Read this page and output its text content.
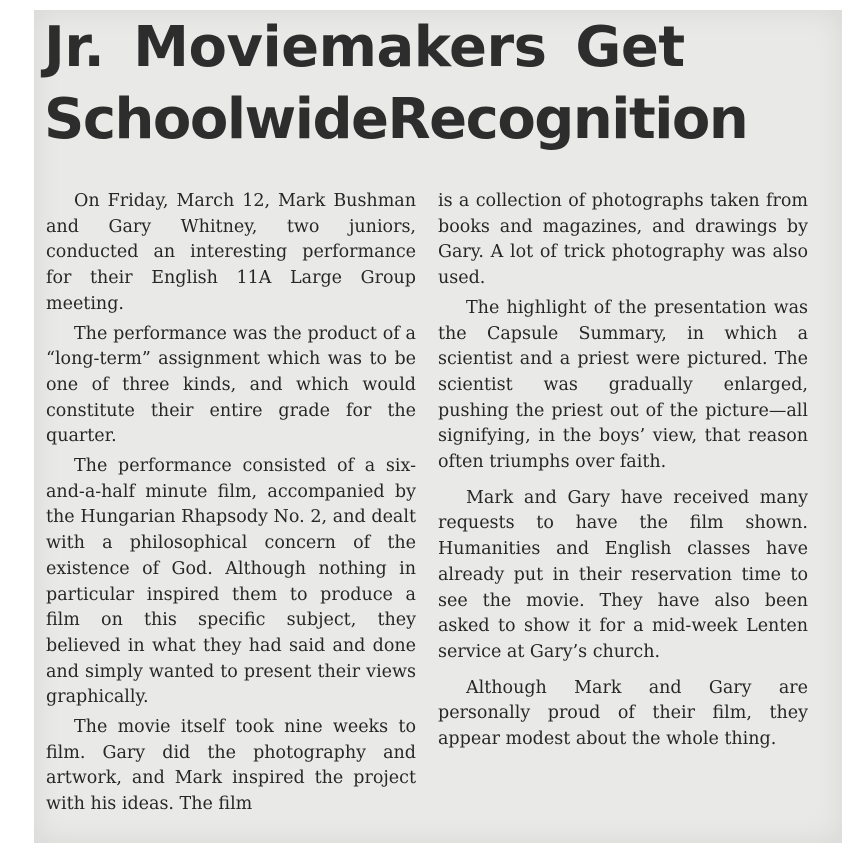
Jr. Moviemakers Get
SchoolwideRecognition

On Friday, March 12, Mark Bushman and Gary Whitney, two juniors, conducted an interesting performance for their English 11A Large Group meeting.

The performance was the product of a “long-term” assignment which was to be one of three kinds, and which would constitute their entire grade for the quarter.

The performance consisted of a six-and-a-half minute film, accompanied by the Hungarian Rhapsody No. 2, and dealt with a philosophical concern of the existence of God. Although nothing in particular inspired them to produce a film on this specific subject, they believed in what they had said and done and simply wanted to present their views graphically.

The movie itself took nine weeks to film. Gary did the photography and artwork, and Mark inspired the project with his ideas. The film

is a collection of photographs taken from books and magazines, and drawings by Gary. A lot of trick photography was also used.

The highlight of the presentation was the Capsule Summary, in which a scientist and a priest were pictured. The scientist was gradually enlarged, pushing the priest out of the picture—all signifying, in the boys’ view, that reason often triumphs over faith.

Mark and Gary have received many requests to have the film shown. Humanities and English classes have already put in their reservation time to see the movie. They have also been asked to show it for a mid-week Lenten service at Gary’s church.

Although Mark and Gary are personally proud of their film, they appear modest about the whole thing.
